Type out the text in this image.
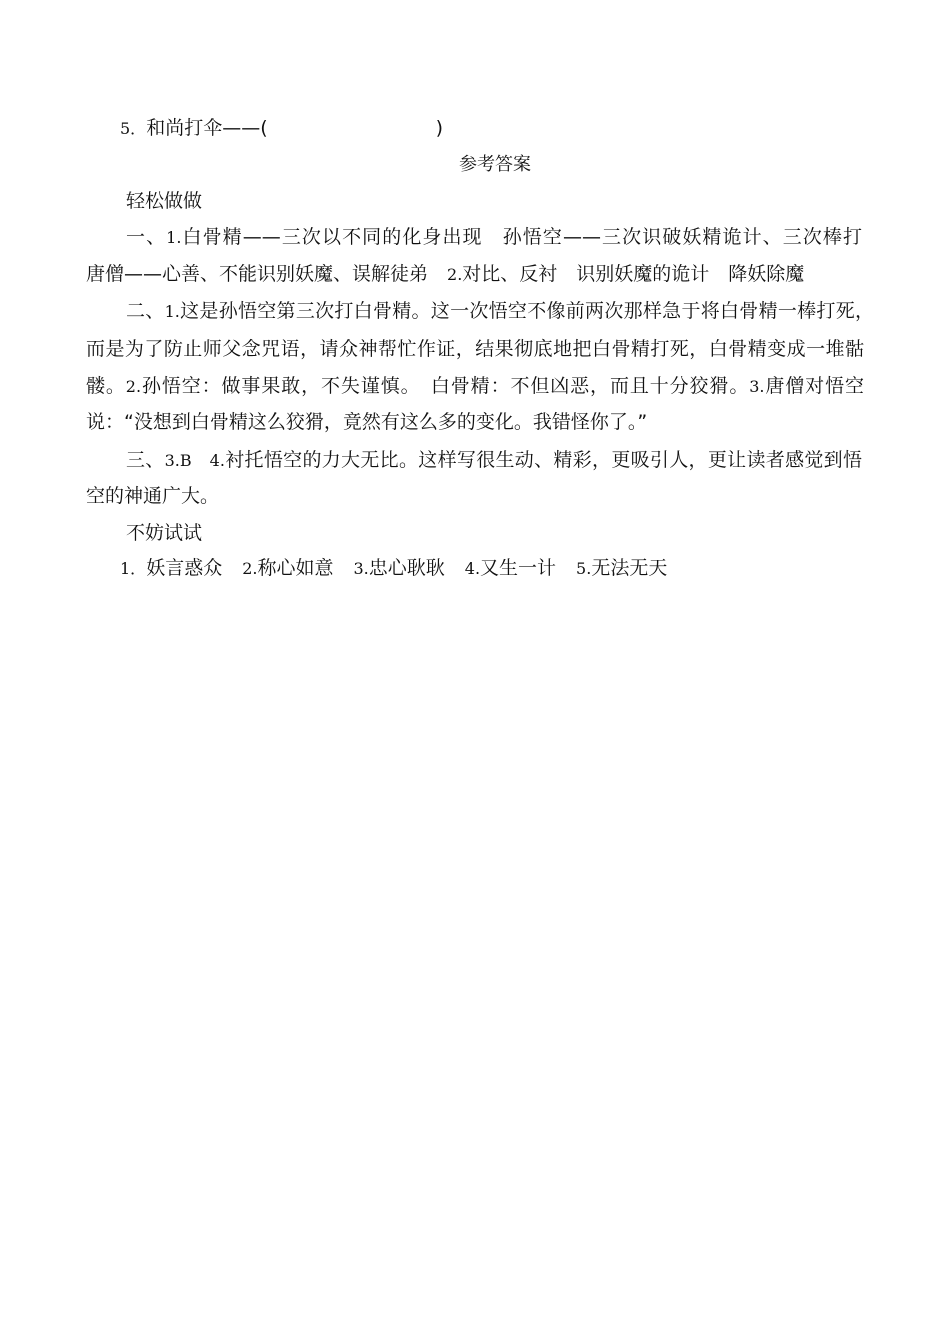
5．和尚打伞——(	)
参考答案
轻松做做
一、1.白骨精——三次以不同的化身出现　孙悟空——三次识破妖精诡计、三次棒打
唐僧——心善、不能识别妖魔、误解徒弟　2.对比、反衬　识别妖魔的诡计　降妖除魔
二、1.这是孙悟空第三次打白骨精。这一次悟空不像前两次那样急于将白骨精一棒打死，
而是为了防止师父念咒语，请众神帮忙作证，结果彻底地把白骨精打死，白骨精变成一堆骷
髅。2.孙悟空：做事果敢，不失谨慎。　白骨精：不但凶恶，而且十分狡猾。3.唐僧对悟空
说：“没想到白骨精这么狡猾，竟然有这么多的变化。我错怪你了。”
三、3.B 4.衬托悟空的力大无比。这样写很生动、精彩，更吸引人，更让读者感觉到悟
空的神通广大。
不妨试试
1．妖言惑众 2.称心如意 3.忠心耿耿 4.又生一计 5.无法无天
